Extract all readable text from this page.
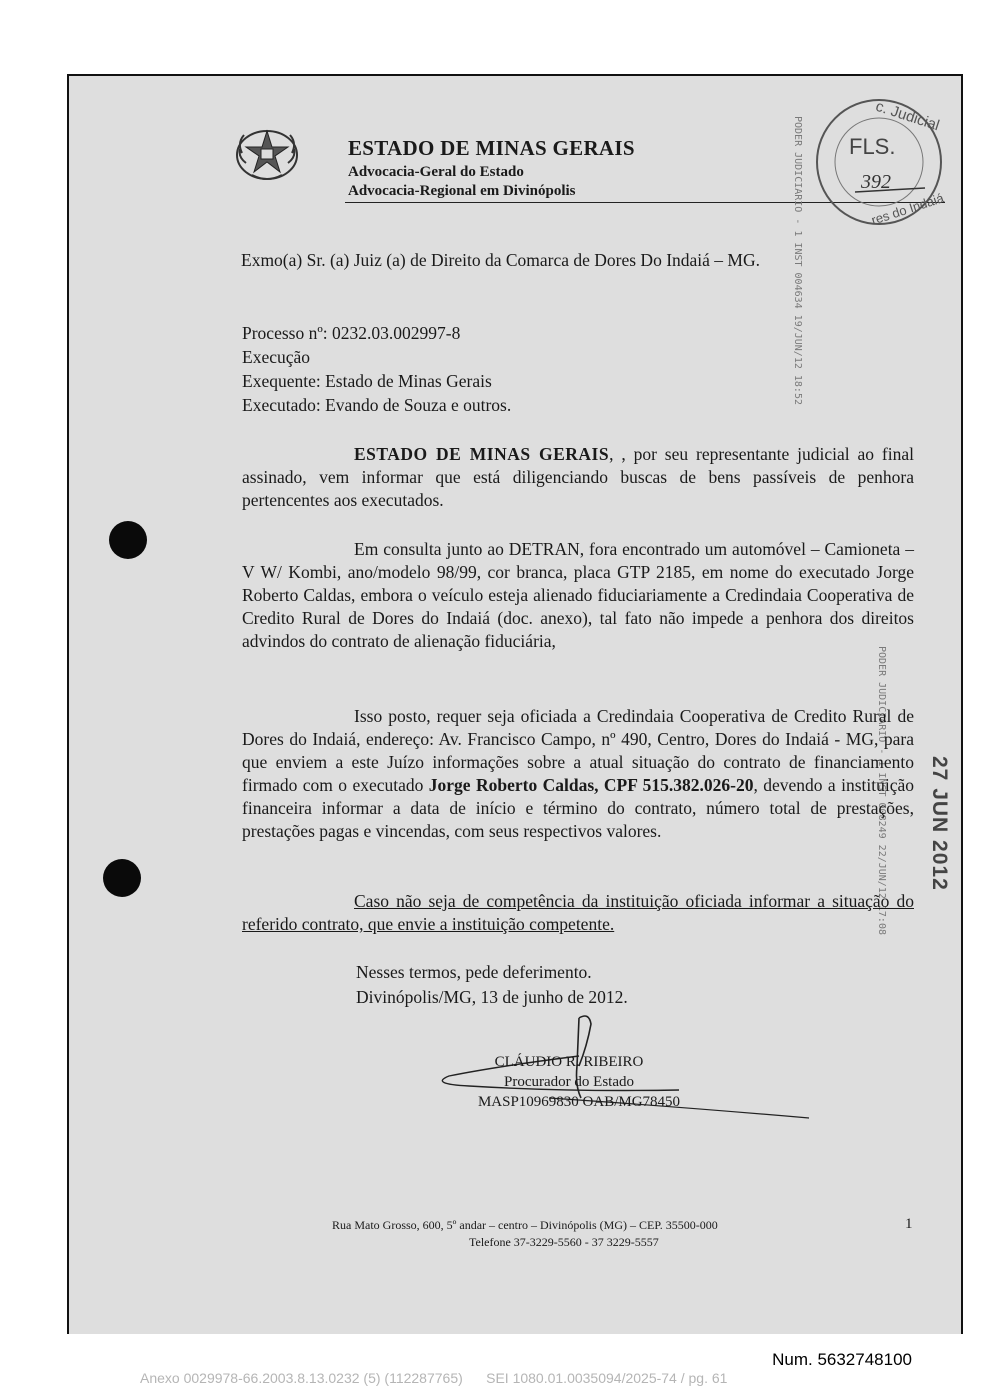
ESTADO DE MINAS GERAIS
Advocacia-Geral do Estado
Advocacia-Regional em Divinópolis
FLS.
392
c. Judicial
res do Indaiá
PODER JUDICIARIO - 1 INST 004634 19/JUN/12 18:52
PODER JUDICIARIO - 1 INST 008249 22/JUN/12 17:08 27 JUN 2012
Exmo(a) Sr. (a) Juiz (a) de Direito da Comarca de Dores Do Indaiá – MG.
Processo nº: 0232.03.002997-8
Execução
Exequente: Estado de Minas Gerais
Executado: Evando de Souza e outros.
ESTADO DE MINAS GERAIS, , por seu representante judicial ao final assinado, vem informar que está diligenciando buscas de bens passíveis de penhora pertencentes aos executados.
Em consulta junto ao DETRAN, fora encontrado um automóvel – Camioneta – V W/ Kombi, ano/modelo 98/99, cor branca, placa GTP 2185, em nome do executado Jorge Roberto Caldas, embora o veículo esteja alienado fiduciariamente a Credindaia Cooperativa de Credito Rural de Dores do Indaiá (doc. anexo), tal fato não impede a penhora dos direitos advindos do contrato de alienação fiduciária,
Isso posto, requer seja oficiada a Credindaia Cooperativa de Credito Rural de Dores do Indaiá, endereço: Av. Francisco Campo, nº 490, Centro, Dores do Indaiá - MG, para que enviem a este Juízo informações sobre a atual situação do contrato de financiamento firmado com o executado Jorge Roberto Caldas, CPF 515.382.026-20, devendo a instituição financeira informar a data de início e término do contrato, número total de prestações, prestações pagas e vincendas, com seus respectivos valores.
Caso não seja de competência da instituição oficiada informar a situação do referido contrato, que envie a instituição competente.
Nesses termos, pede deferimento.
Divinópolis/MG, 13 de junho de 2012.
CLÁUDIO R. RIBEIRO
Procurador do Estado
MASP10969830 OAB/MG78450
Rua Mato Grosso, 600, 5º andar – centro – Divinópolis (MG) – CEP. 35500-000
Telefone 37-3229-5560 - 37 3229-5557
1
Num. 5632748100
Anexo 0029978-66.2003.8.13.0232 (5) (112287765)      SEI 1080.01.0035094/2025-74 / pg. 61
